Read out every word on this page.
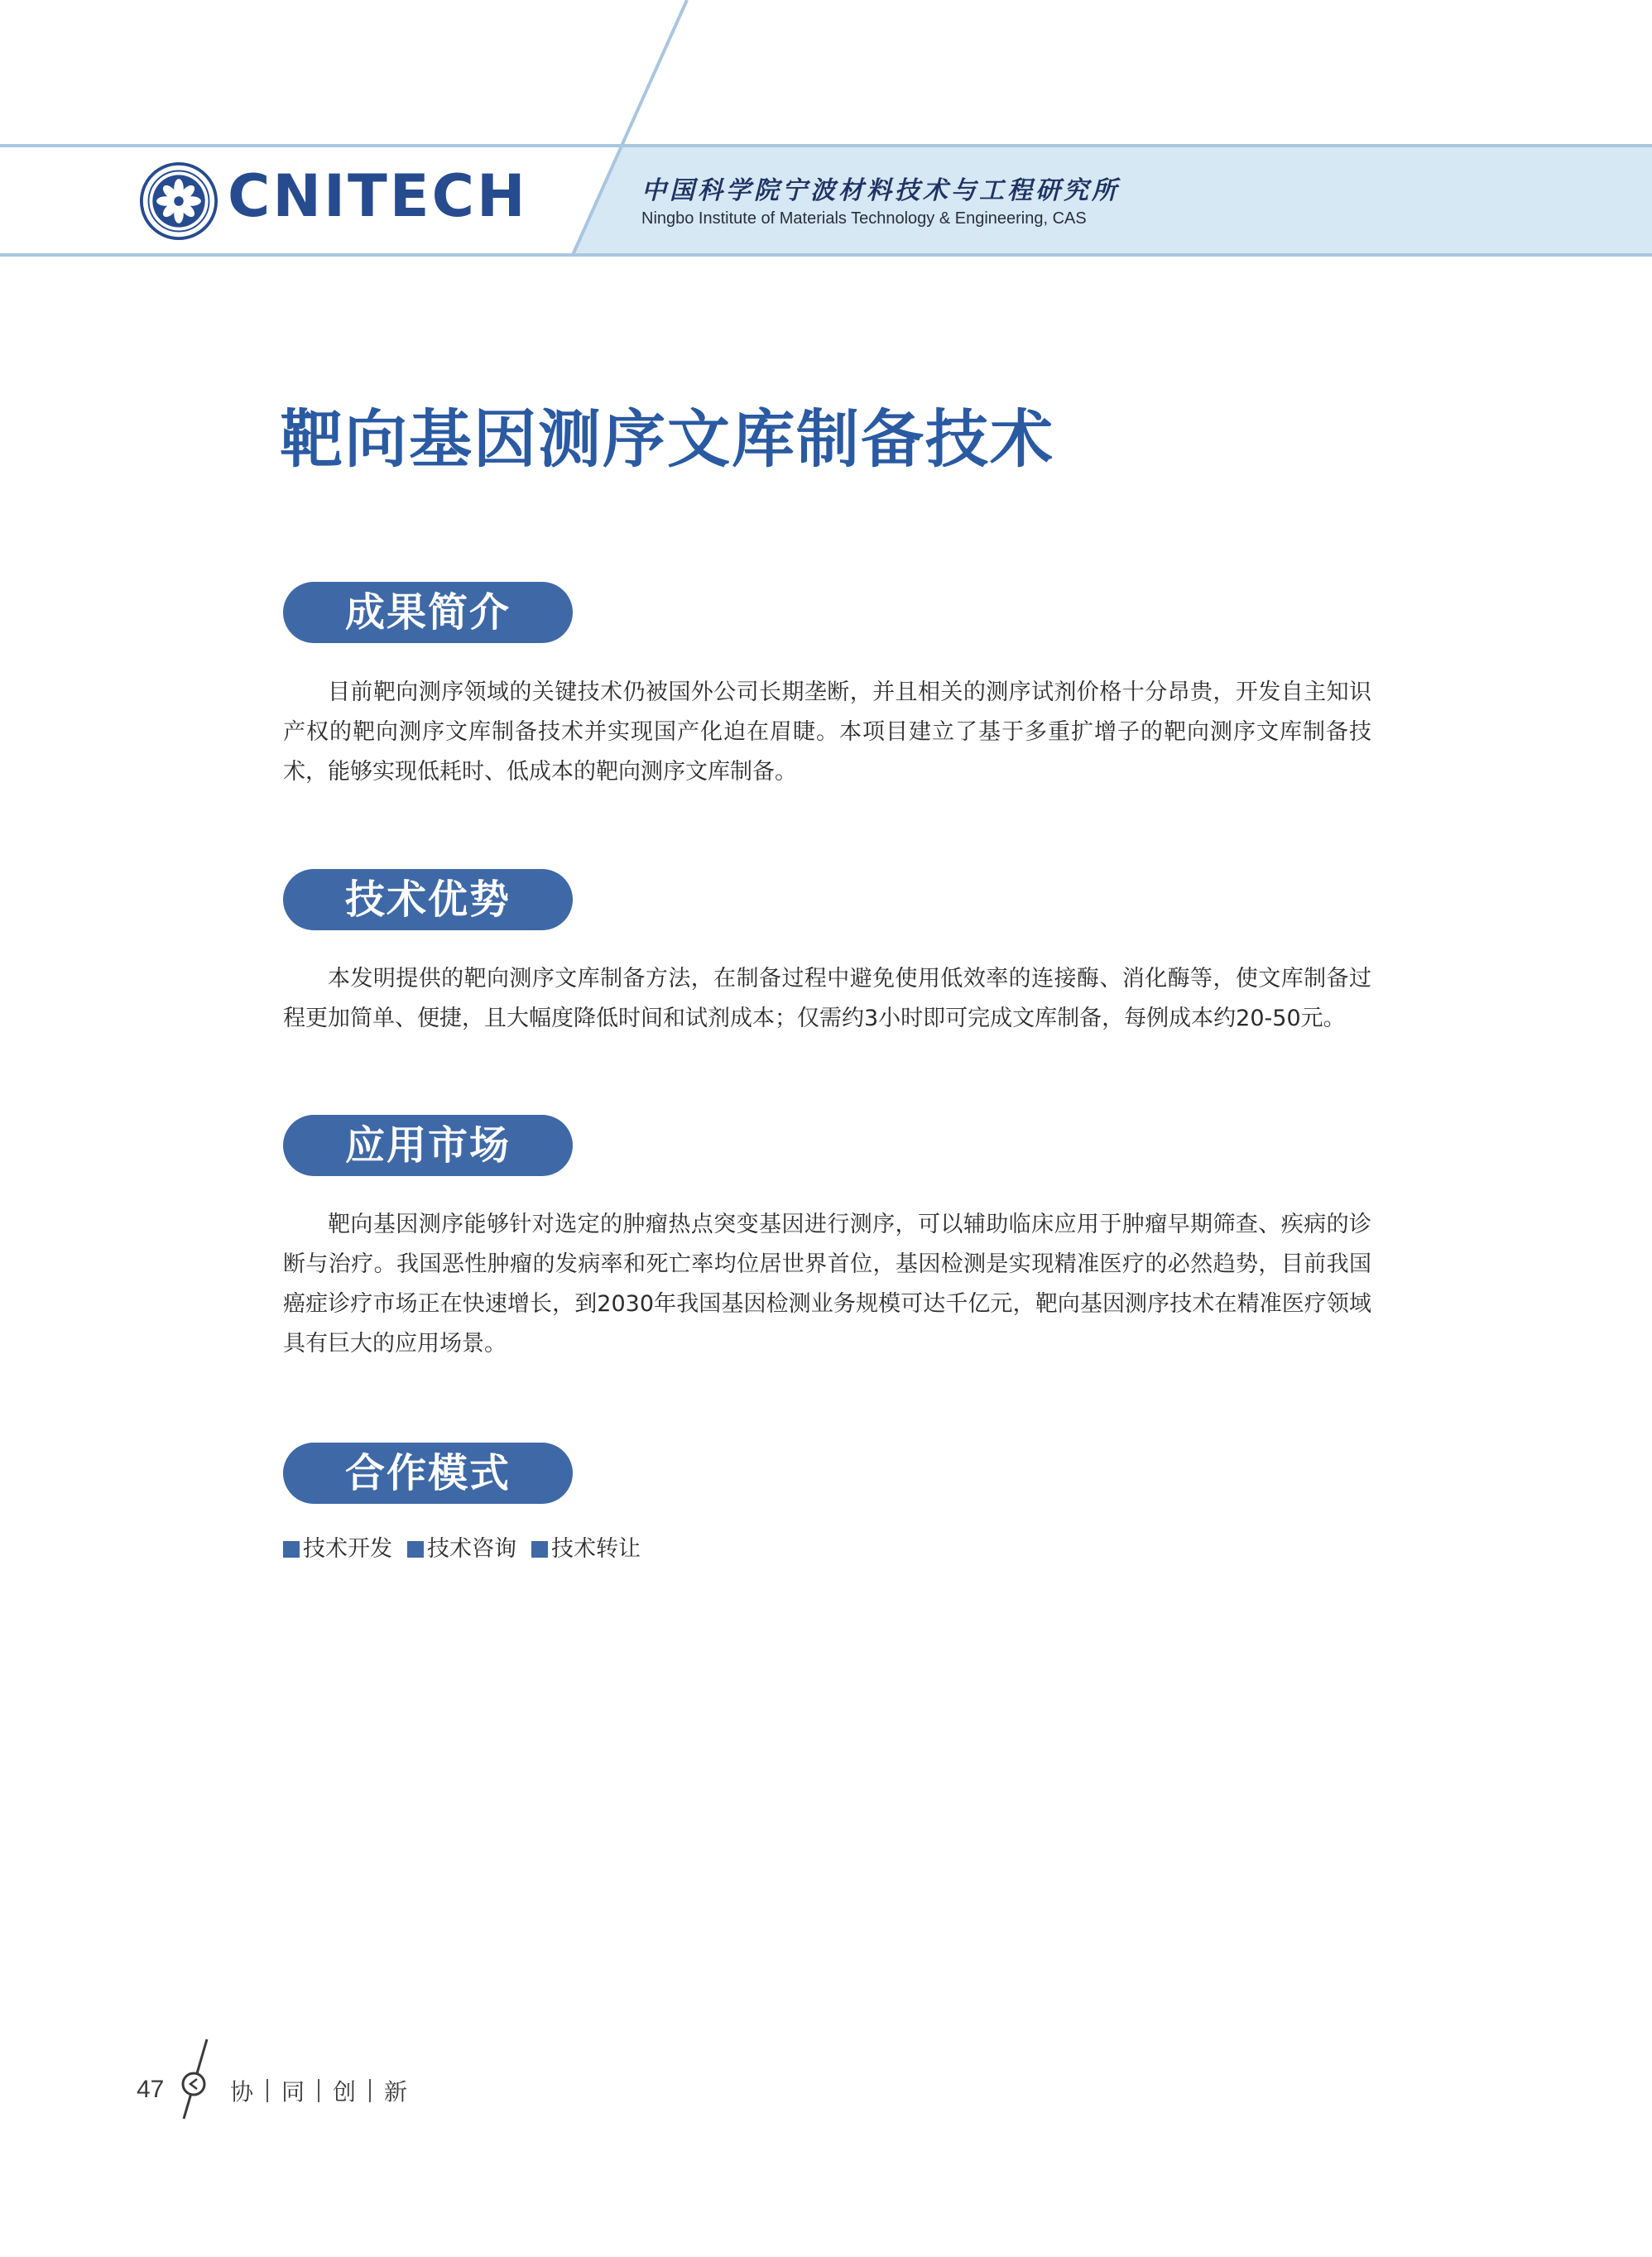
CNITECH	中国科学院宁波材料技术与工程研究所
Ningbo Institute of Materials Technology & Engineering, CAS
靶向基因测序文库制备技术
成果简介

目前靶向测序领域的关键技术仍被国外公司长期垄断，并且相关的测序试剂价格十分昂贵，开发自主知识产权的靶向测序文库制备技术并实现国产化迫在眉睫。本项目建立了基于多重扩增子的靶向测序文库制备技术，能够实现低耗时、低成本的靶向测序文库制备。

技术优势

本发明提供的靶向测序文库制备方法，在制备过程中避免使用低效率的连接酶、消化酶等，使文库制备过程更加简单、便捷，且大幅度降低时间和试剂成本；仅需约3小时即可完成文库制备，每例成本约20-50元。

应用市场

靶向基因测序能够针对选定的肿瘤热点突变基因进行测序，可以辅助临床应用于肿瘤早期筛查、疾病的诊断与治疗。我国恶性肿瘤的发病率和死亡率均位居世界首位，基因检测是实现精准医疗的必然趋势，目前我国癌症诊疗市场正在快速增长，到2030年我国基因检测业务规模可达千亿元，靶向基因测序技术在精准医疗领域具有巨大的应用场景。

合作模式
技术开发 技术咨询 技术转让
47	协 同 创 新
